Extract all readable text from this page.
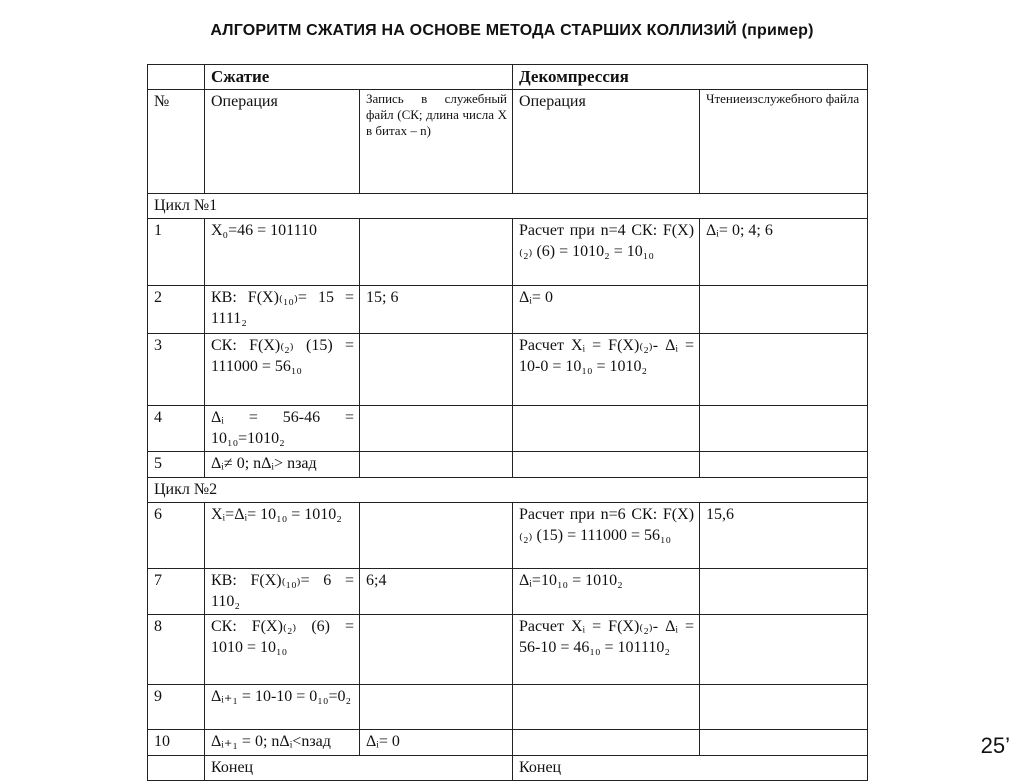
АЛГОРИТМ СЖАТИЯ НА ОСНОВЕ МЕТОДА СТАРШИХ КОЛЛИЗИЙ (пример)
	Сжатие		Декомпрессия	
№	Операция	Запись в служебный файл (СК; длина числа X в битах – n)	Операция	Чтениеизслужебного файла
Цикл №1				
1	X₀=46 = 101110		Расчет при n=4 СК: F(X)₍₂₎ (6) = 1010₂ = 10₁₀	Δᵢ= 0; 4; 6
2	КВ: F(X)₍₁₀₎= 15 = 1111₂	15; 6	Δᵢ= 0	
3	СК: F(X)₍₂₎ (15) = 111000 = 56₁₀		Расчет Xᵢ = F(X)₍₂₎- Δᵢ = 10-0 = 10₁₀ = 1010₂	
4	Δᵢ = 56-46 = 10₁₀=1010₂			
5	Δᵢ≠ 0; nΔᵢ> nзад			
Цикл №2				
6	Xᵢ=Δᵢ= 10₁₀ = 1010₂		Расчет при n=6 СК: F(X)₍₂₎ (15) = 111000 = 56₁₀	15,6
7	КВ: F(X)₍₁₀₎= 6 = 110₂	6;4	Δᵢ=10₁₀ = 1010₂	
8	СК: F(X)₍₂₎ (6) = 1010 = 10₁₀		Расчет Xᵢ = F(X)₍₂₎- Δᵢ = 56-10 = 46₁₀ = 101110₂	
9	Δᵢ₊₁ = 10-10 = 0₁₀=0₂			
10	Δᵢ₊₁ = 0; nΔᵢ<nзад	Δᵢ= 0		
	Конец		Конец	
25’
